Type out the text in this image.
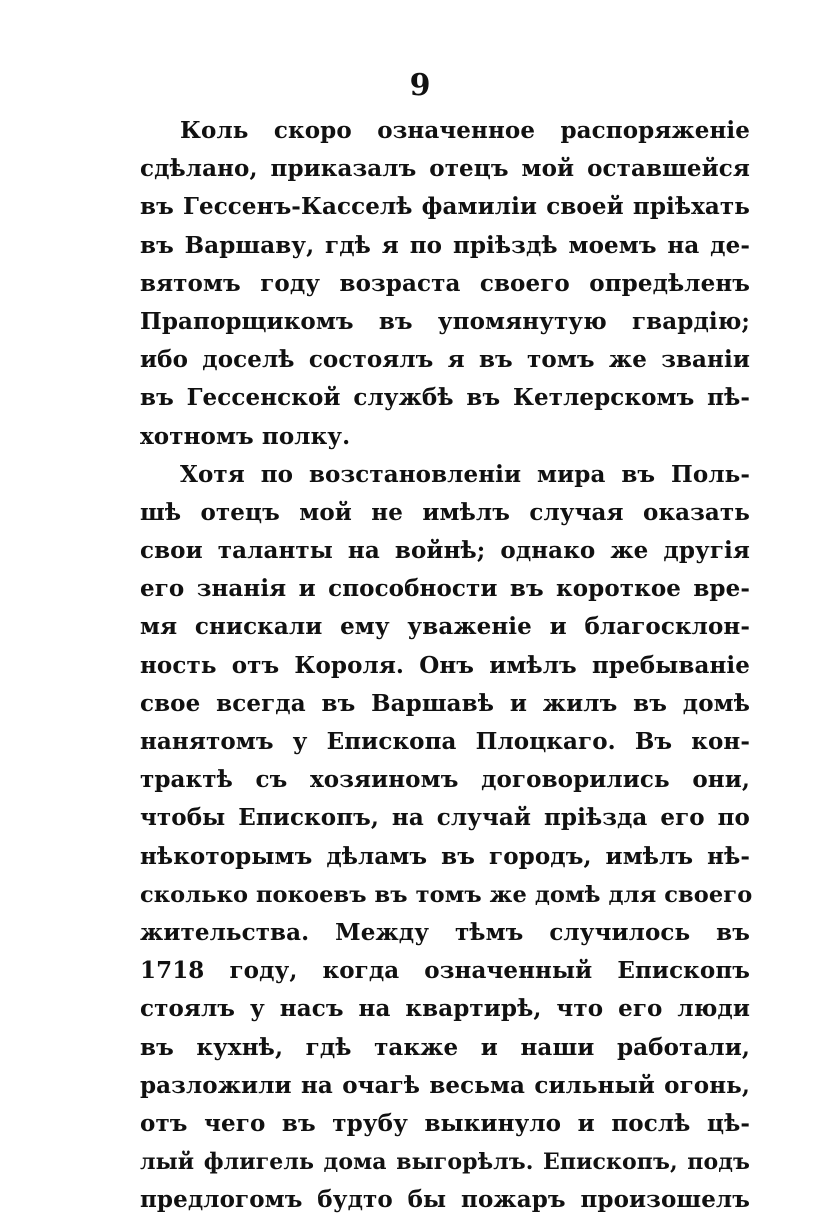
9
Коль скоро означенное распоряженіе
сдѣлано, приказалъ отецъ мой оставшейся
въ Гессенъ-Касселѣ фамиліи своей пріѣхать
въ Варшаву, гдѣ я по пріѣздѣ моемъ на де-
вятомъ году возраста своего опредѣленъ
Прапорщикомъ въ упомянутую гвардію;
ибо доселѣ состоялъ я въ томъ же званіи
въ Гессенской службѣ въ Кетлерскомъ пѣ-
хотномъ полку.
Хотя по возстановленіи мира въ Поль-
шѣ отецъ мой не имѣлъ случая оказать
свои таланты на войнѣ; однако же другія
его знанія и способности въ короткое вре-
мя снискали ему уваженіе и благосклон-
ность отъ Короля. Онъ имѣлъ пребываніе
свое всегда въ Варшавѣ и жилъ въ домѣ
нанятомъ у Епископа Плоцкаго. Въ кон-
трактѣ съ хозяиномъ договорились они,
чтобы Епископъ, на случай пріѣзда его по
нѣкоторымъ дѣламъ въ городъ, имѣлъ нѣ-
сколько покоевъ въ томъ же домѣ для своего
жительства. Между тѣмъ случилось въ
1718 году, когда означенный Епископъ
стоялъ у насъ на квартирѣ, что его люди
въ кухнѣ, гдѣ также и наши работали,
разложили на очагѣ весьма сильный огонь,
отъ чего въ трубу выкинуло и послѣ цѣ-
лый флигель дома выгорѣлъ. Епископъ, подъ
предлогомъ будто бы пожаръ произошелъ
